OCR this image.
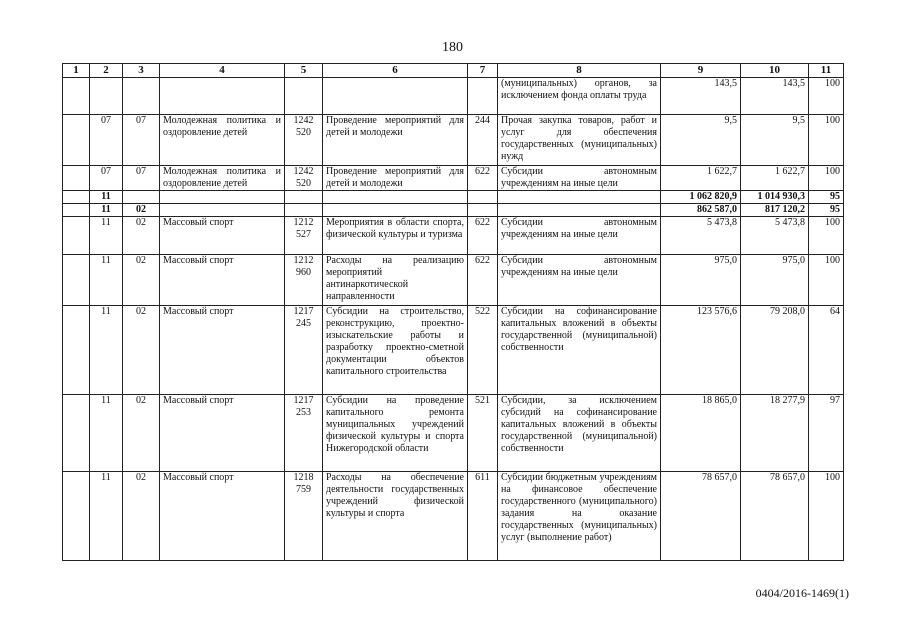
180
1	2	3	4	5	6	7	8	9	10	11
							(муниципальных) органов, за исключением фонда оплаты труда	143,5	143,5	100
	07	07	Молодежная политика и оздоровление детей	1242 520	Проведение мероприятий для детей и молодежи	244	Прочая закупка товаров, работ и услуг для обеспечения государственных (муниципальных) нужд	9,5	9,5	100
	07	07	Молодежная политика и оздоровление детей	1242 520	Проведение мероприятий для детей и молодежи	622	Субсидии автономным учреждениям на иные цели	1 622,7	1 622,7	100
	11							1 062 820,9	1 014 930,3	95
	11	02						862 587,0	817 120,2	95
	11	02	Массовый спорт	1212 527	Мероприятия в области спорта, физической культуры и туризма	622	Субсидии автономным учреждениям на иные цели	5 473,8	5 473,8	100
	11	02	Массовый спорт	1212 960	Расходы на реализацию мероприятий антинаркотической направленности	622	Субсидии автономным учреждениям на иные цели	975,0	975,0	100
	11	02	Массовый спорт	1217 245	Субсидии на строительство, реконструкцию, проектно-изыскательские работы и разработку проектно-сметной документации объектов капитального строительства	522	Субсидии на софинансирование капитальных вложений в объекты государственной (муниципальной) собственности	123 576,6	79 208,0	64
	11	02	Массовый спорт	1217 253	Субсидии на проведение капитального ремонта муниципальных учреждений физической культуры и спорта Нижегородской области	521	Субсидии, за исключением субсидий на софинансирование капитальных вложений в объекты государственной (муниципальной) собственности	18 865,0	18 277,9	97
	11	02	Массовый спорт	1218 759	Расходы на обеспечение деятельности государственных учреждений физической культуры и спорта	611	Субсидии бюджетным учреждениям на финансовое обеспечение государственного (муниципального) задания на оказание государственных (муниципальных) услуг (выполнение работ)	78 657,0	78 657,0	100
0404/2016-1469(1)
